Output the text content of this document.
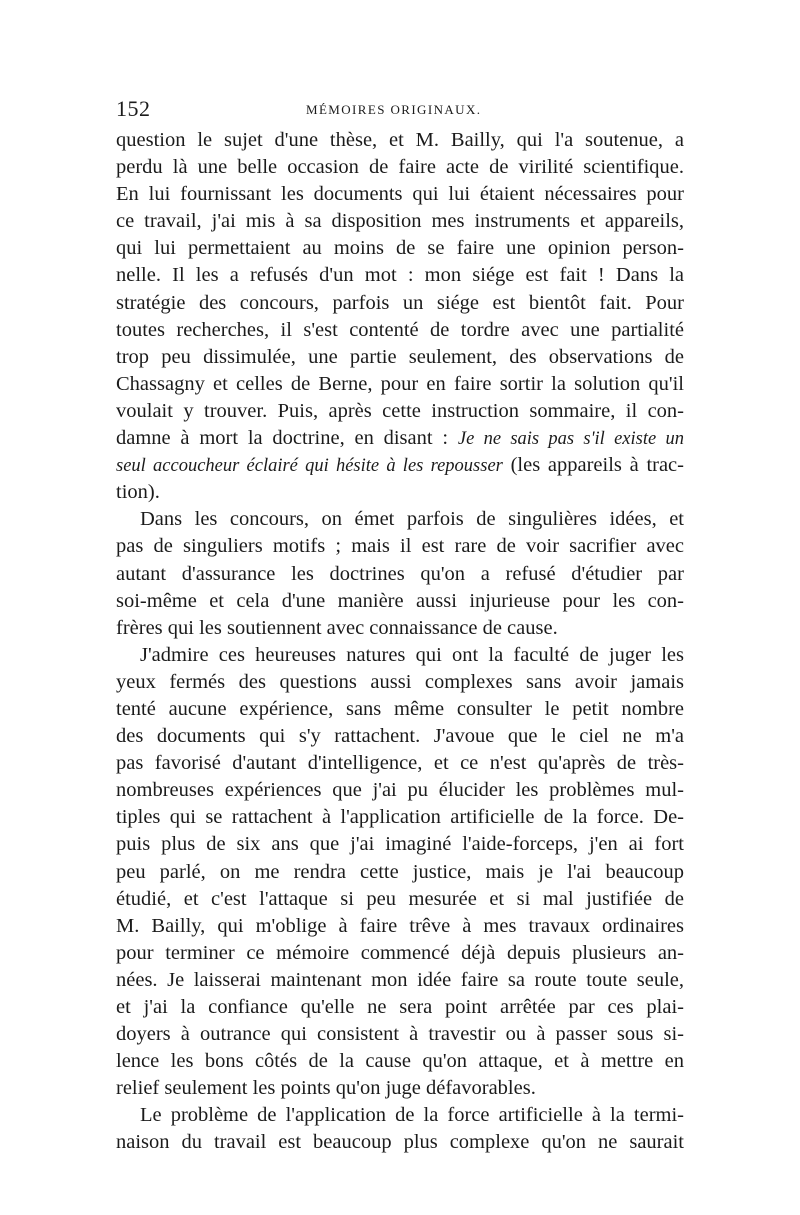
152	MÉMOIRES ORIGINAUX.
question le sujet d'une thèse, et M. Bailly, qui l'a soutenue, a
perdu là une belle occasion de faire acte de virilité scientifique.
En lui fournissant les documents qui lui étaient nécessaires pour
ce travail, j'ai mis à sa disposition mes instruments et appareils,
qui lui permettaient au moins de se faire une opinion person-
nelle. Il les a refusés d'un mot : mon siége est fait ! Dans la
stratégie des concours, parfois un siége est bientôt fait. Pour
toutes recherches, il s'est contenté de tordre avec une partialité
trop peu dissimulée, une partie seulement, des observations de
Chassagny et celles de Berne, pour en faire sortir la solution qu'il
voulait y trouver. Puis, après cette instruction sommaire, il con-
damne à mort la doctrine, en disant : Je ne sais pas s'il existe un
seul accoucheur éclairé qui hésite à les repousser (les appareils à trac-
tion).
Dans les concours, on émet parfois de singulières idées, et
pas de singuliers motifs ; mais il est rare de voir sacrifier avec
autant d'assurance les doctrines qu'on a refusé d'étudier par
soi-même et cela d'une manière aussi injurieuse pour les con-
frères qui les soutiennent avec connaissance de cause.
J'admire ces heureuses natures qui ont la faculté de juger les
yeux fermés des questions aussi complexes sans avoir jamais
tenté aucune expérience, sans même consulter le petit nombre
des documents qui s'y rattachent. J'avoue que le ciel ne m'a
pas favorisé d'autant d'intelligence, et ce n'est qu'après de très-
nombreuses expériences que j'ai pu élucider les problèmes mul-
tiples qui se rattachent à l'application artificielle de la force. De-
puis plus de six ans que j'ai imaginé l'aide-forceps, j'en ai fort
peu parlé, on me rendra cette justice, mais je l'ai beaucoup
étudié, et c'est l'attaque si peu mesurée et si mal justifiée de
M. Bailly, qui m'oblige à faire trêve à mes travaux ordinaires
pour terminer ce mémoire commencé déjà depuis plusieurs an-
nées. Je laisserai maintenant mon idée faire sa route toute seule,
et j'ai la confiance qu'elle ne sera point arrêtée par ces plai-
doyers à outrance qui consistent à travestir ou à passer sous si-
lence les bons côtés de la cause qu'on attaque, et à mettre en
relief seulement les points qu'on juge défavorables.
Le problème de l'application de la force artificielle à la termi-
naison du travail est beaucoup plus complexe qu'on ne saurait
